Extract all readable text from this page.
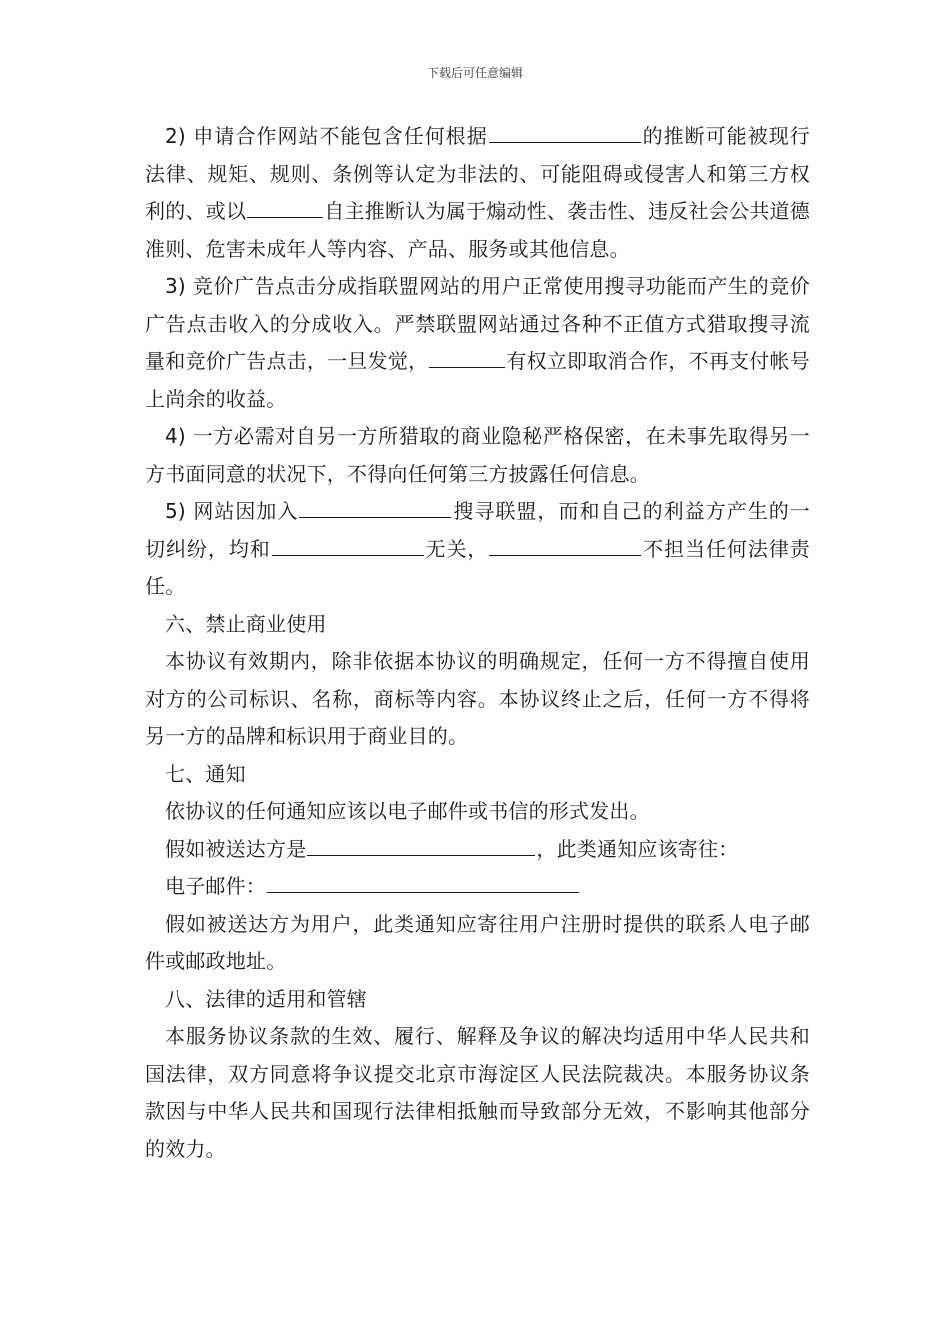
下载后可任意编辑

2) 申请合作网站不能包含任何根据	的推断可能被现行法律、规矩、规则、条例等认定为非法的、可能阻碍或侵害人和第三方权利的、或以	自主推断认为属于煽动性、袭击性、违反社会公共道德准则、危害未成年人等内容、产品、服务或其他信息。

3) 竞价广告点击分成指联盟网站的用户正常使用搜寻功能而产生的竞价广告点击收入的分成收入。严禁联盟网站通过各种不正值方式猎取搜寻流量和竞价广告点击，一旦发觉，	有权立即取消合作，不再支付帐号上尚余的收益。

4) 一方必需对自另一方所猎取的商业隐秘严格保密，在未事先取得另一方书面同意的状况下，不得向任何第三方披露任何信息。

5) 网站因加入	搜寻联盟，而和自己的利益方产生的一切纠纷，均和	无关，	不担当任何法律责任。

六、禁止商业使用

本协议有效期内，除非依据本协议的明确规定，任何一方不得擅自使用对方的公司标识、名称，商标等内容。本协议终止之后，任何一方不得将另一方的品牌和标识用于商业目的。

七、通知

依协议的任何通知应该以电子邮件或书信的形式发出。

假如被送达方是	，此类通知应该寄往：

电子邮件：

假如被送达方为用户，此类通知应寄往用户注册时提供的联系人电子邮件或邮政地址。

八、法律的适用和管辖

本服务协议条款的生效、履行、解释及争议的解决均适用中华人民共和国法律，双方同意将争议提交北京市海淀区人民法院裁决。本服务协议条款因与中华人民共和国现行法律相抵触而导致部分无效，不影响其他部分的效力。
